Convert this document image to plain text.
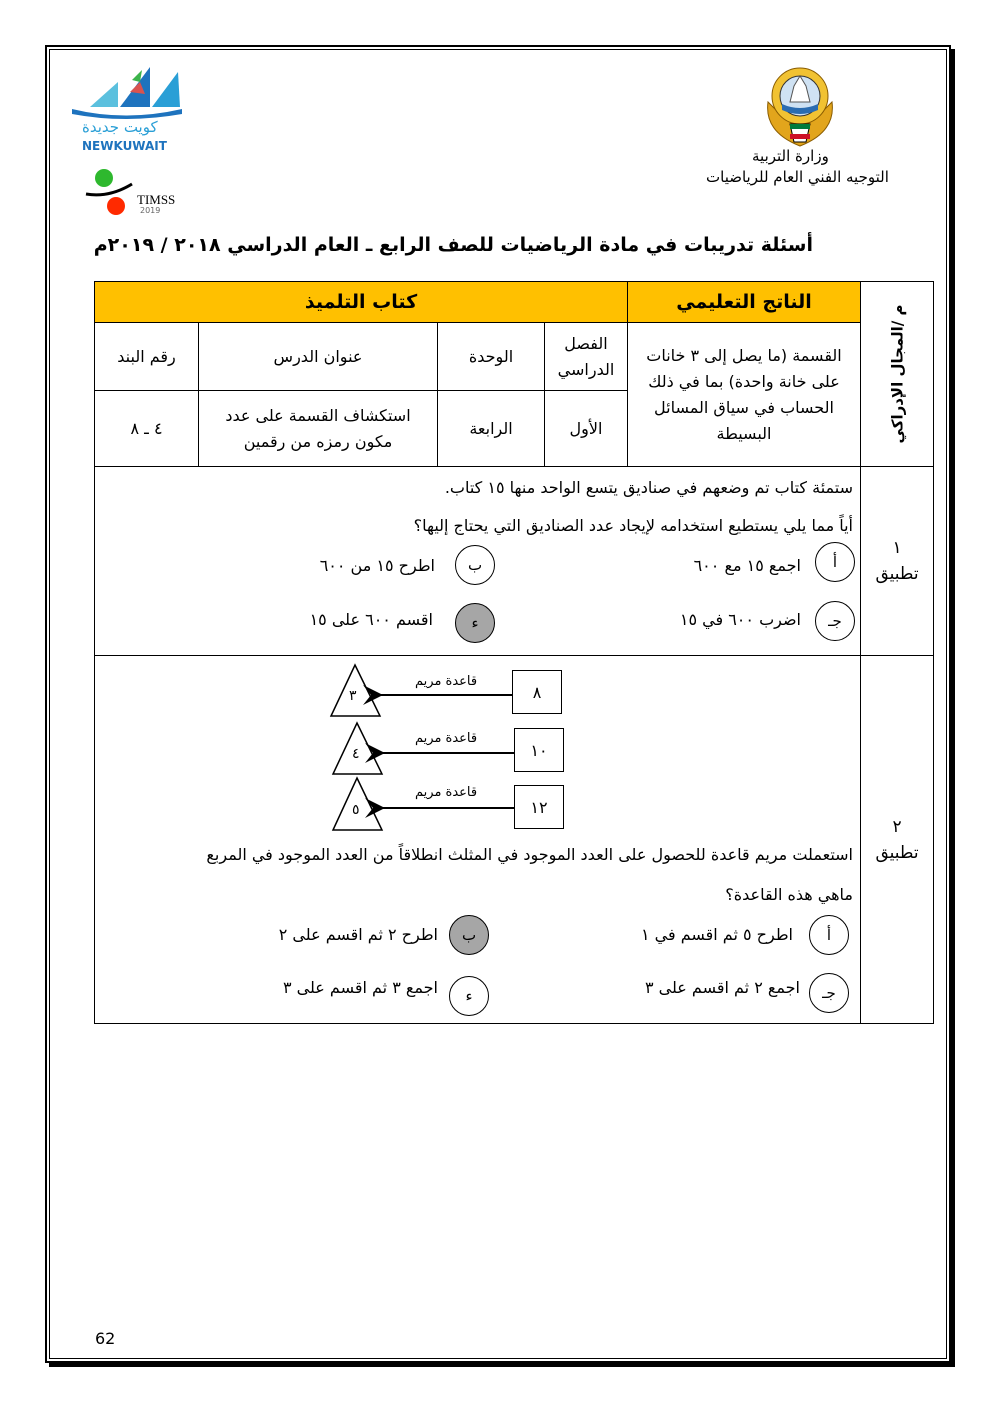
وزارة التربية
التوجيه الفني العام للرياضيات
كويت جديدة
NEWKUWAIT
TIMSS
2019
أسئلة تدريبات في مادة الرياضيات للصف الرابع ـ العام الدراسي ٢٠١٨ / ٢٠١٩م
م /المجال الإدراكي
الناتج التعليمي
كتاب التلميذ
القسمة (ما يصل إلى ٣ خانات على خانة واحدة) بما في ذلك الحساب في سياق المسائل البسيطة
الفصل الدراسي
الوحدة
عنوان الدرس
رقم البند
الأول
الرابعة
استكشاف القسمة على عدد مكون رمزه من رقمين
٤ ـ ٨
١
تطبيق
ستمئة كتاب تم وضعهم في صناديق يتسع الواحد منها ١٥ كتاب.
أياً مما يلي يستطيع استخدامه لإيجاد عدد الصناديق التي يحتاج إليها؟
أ
اجمع ١٥ مع ٦٠٠
ب
اطرح ١٥ من ٦٠٠
جـ
اضرب ٦٠٠ في ١٥
ء
اقسم ٦٠٠ على ١٥
٢
تطبيق
٨
١٠
١٢
قاعدة مريم
قاعدة مريم
قاعدة مريم
٣
٤
٥
استعملت مريم قاعدة للحصول على العدد الموجود في المثلث انطلاقاً من العدد الموجود في المربع
ماهي هذه القاعدة؟
أ
اطرح ٥ ثم اقسم في ١
ب
اطرح ٢ ثم اقسم على ٢
جـ
اجمع ٢ ثم اقسم على ٣
ء
اجمع ٣ ثم اقسم على ٣
62
